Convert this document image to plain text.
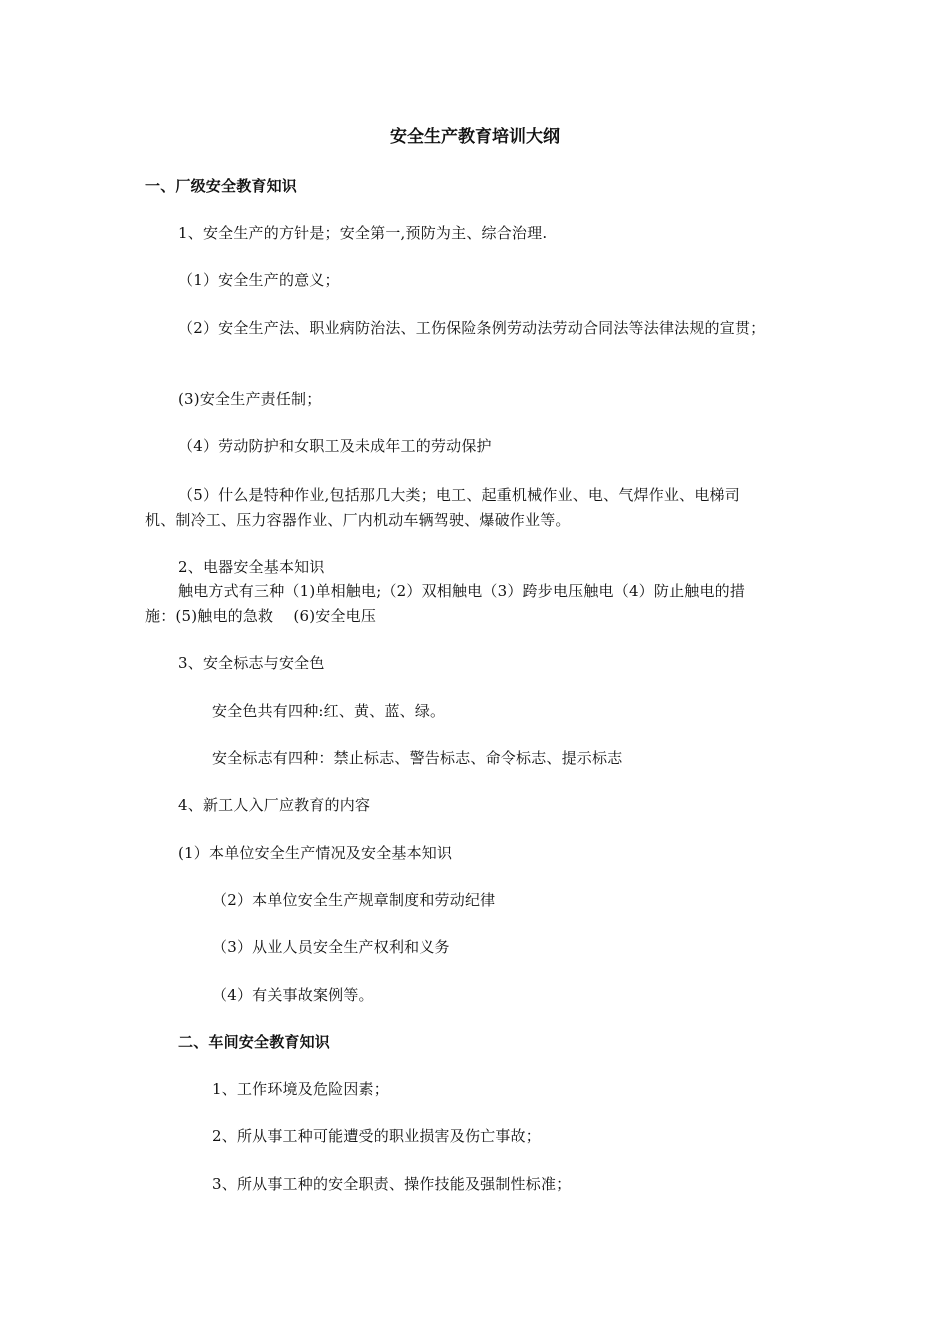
安全生产教育培训大纲
一、厂级安全教育知识
1、安全生产的方针是；安全第一,预防为主、综合治理.
（1）安全生产的意义；
（2）安全生产法、职业病防治法、工伤保险条例劳动法劳动合同法等法律法规的宣贯；
(3)安全生产责任制；
（4）劳动防护和女职工及未成年工的劳动保护
（5）什么是特种作业,包括那几大类；电工、起重机械作业、电、气焊作业、电梯司
机、制冷工、压力容器作业、厂内机动车辆驾驶、爆破作业等。
2、电器安全基本知识
触电方式有三种（1)单相触电;（2）双相触电（3）跨步电压触电（4）防止触电的措
施：(5)触电的急救　 (6)安全电压
3、安全标志与安全色
安全色共有四种:红、黄、蓝、绿。
安全标志有四种：禁止标志、警告标志、命令标志、提示标志
4、新工人入厂应教育的内容
(1）本单位安全生产情况及安全基本知识
（2）本单位安全生产规章制度和劳动纪律
（3）从业人员安全生产权利和义务
（4）有关事故案例等。
二、车间安全教育知识
1、工作环境及危险因素；
2、所从事工种可能遭受的职业损害及伤亡事故；
3、所从事工种的安全职责、操作技能及强制性标准；
